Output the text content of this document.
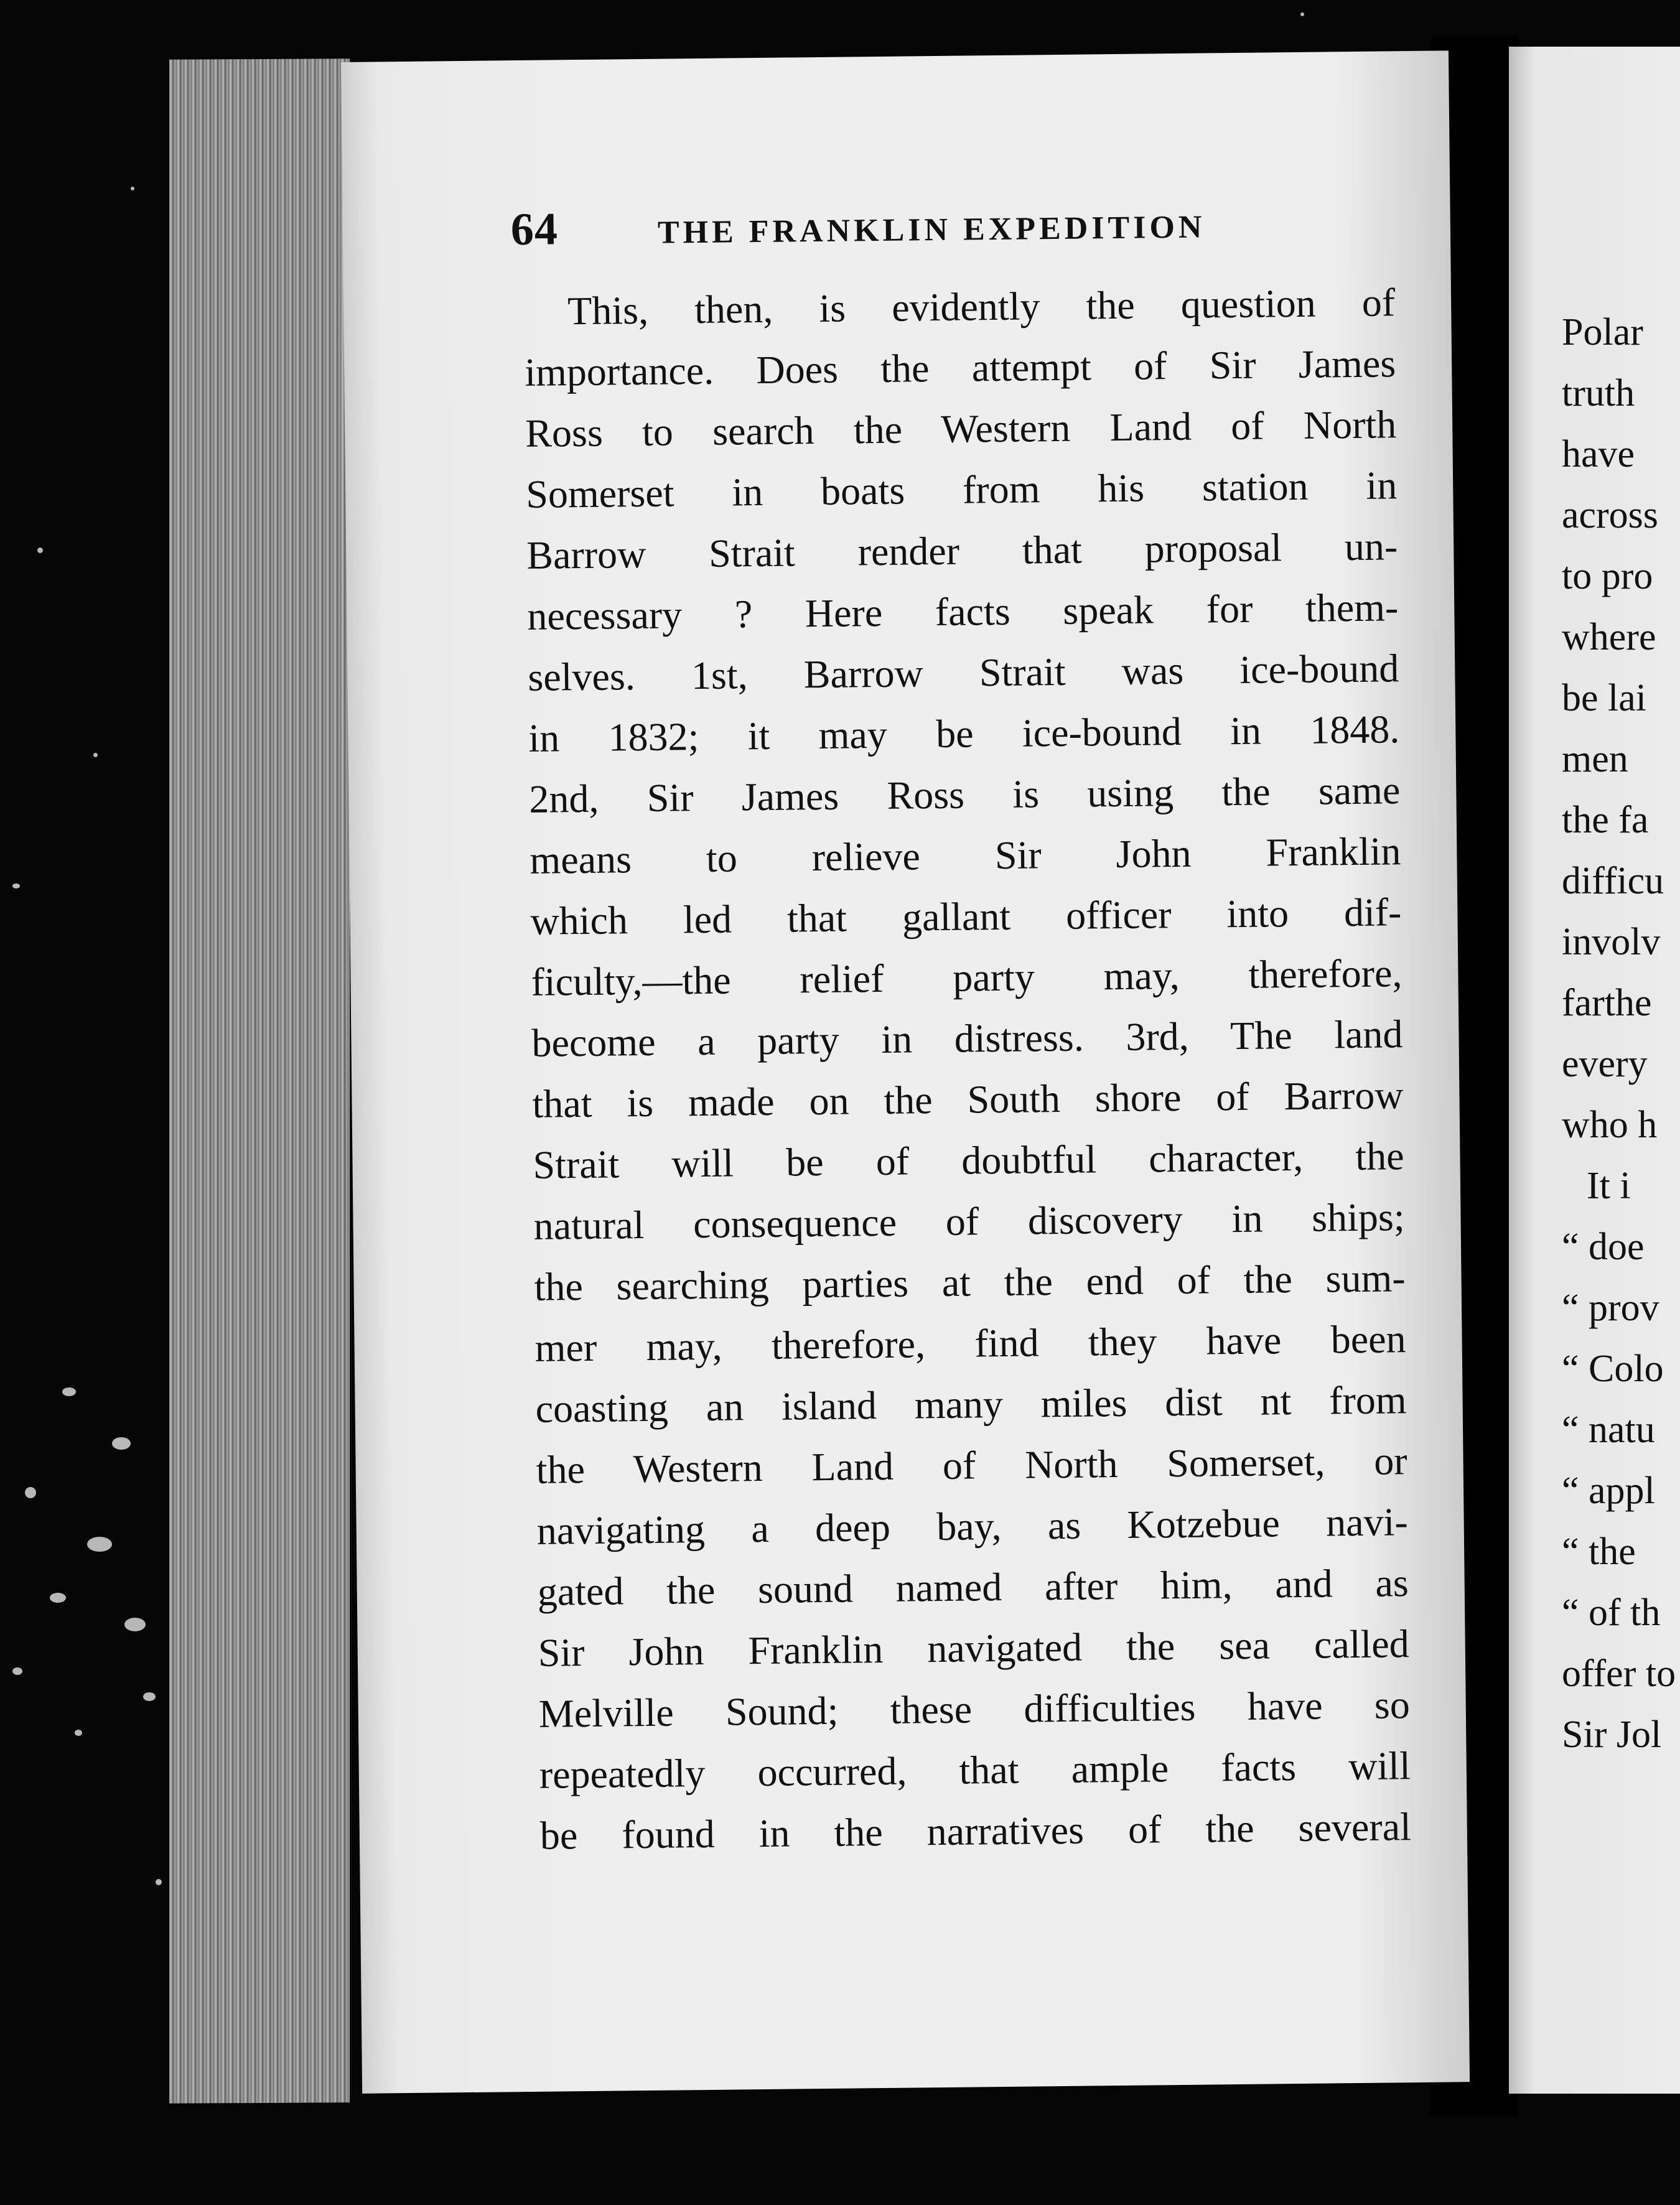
64	THE FRANKLIN EXPEDITION
This, then, is evidently the question of
importance. Does the attempt of Sir James
Ross to search the Western Land of North
Somerset in boats from his station in
Barrow Strait render that proposal un-
necessary ? Here facts speak for them-
selves. 1st, Barrow Strait was ice-bound
in 1832; it may be ice-bound in 1848.
2nd, Sir James Ross is using the same
means to relieve Sir John Franklin
which led that gallant officer into dif-
ficulty,—the relief party may, therefore,
become a party in distress. 3rd, The land
that is made on the South shore of Barrow
Strait will be of doubtful character, the
natural consequence of discovery in ships;
the searching parties at the end of the sum-
mer may, therefore, find they have been
coasting an island many miles dist nt from
the Western Land of North Somerset, or
navigating a deep bay, as Kotzebue navi-
gated the sound named after him, and as
Sir John Franklin navigated the sea called
Melville Sound; these difficulties have so
repeatedly occurred, that ample facts will
be found in the narratives of the several
Polar
truth
have
across
to pro
where
be lai
men
the fa
difficu
involv
farthe
every
who h
It i
“ doe
“ prov
“ Colo
“ natu
“ appl
“ the
“ of th
offer to
Sir Jol
